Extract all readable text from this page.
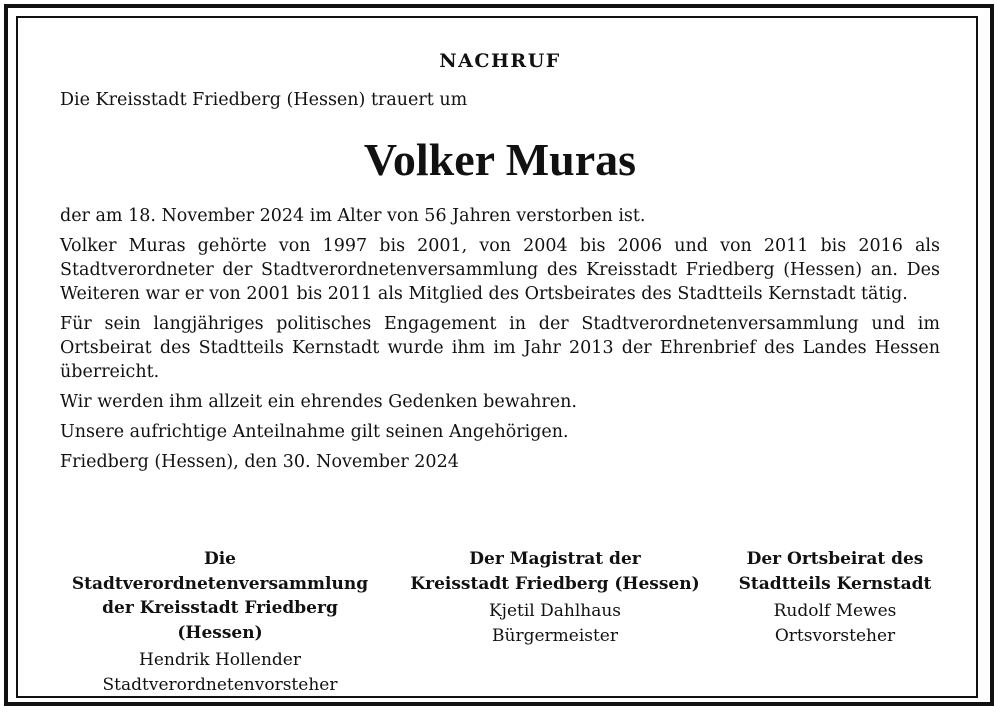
NACHRUF

Die Kreisstadt Friedberg (Hessen) trauert um

Volker Muras

der am 18. November 2024 im Alter von 56 Jahren verstorben ist.

Volker Muras gehörte von 1997 bis 2001, von 2004 bis 2006 und von 2011 bis 2016 als Stadtverordneter der Stadtverordnetenversammlung des Kreisstadt Friedberg (Hessen) an. Des Weiteren war er von 2001 bis 2011 als Mitglied des Ortsbeirates des Stadtteils Kernstadt tätig.

Für sein langjähriges politisches Engagement in der Stadtverordnetenversammlung und im Ortsbeirat des Stadtteils Kernstadt wurde ihm im Jahr 2013 der Ehrenbrief des Landes Hessen überreicht.

Wir werden ihm allzeit ein ehrendes Gedenken bewahren.

Unsere aufrichtige Anteilnahme gilt seinen Angehörigen.

Friedberg (Hessen), den 30. November 2024

Die
Stadtverordnetenversammlung
der Kreisstadt Friedberg (Hessen)
Hendrik Hollender
Stadtverordnetenvorsteher
Der Magistrat der
Kreisstadt Friedberg (Hessen)
Kjetil Dahlhaus
Bürgermeister
Der Ortsbeirat des
Stadtteils Kernstadt
Rudolf Mewes
Ortsvorsteher
